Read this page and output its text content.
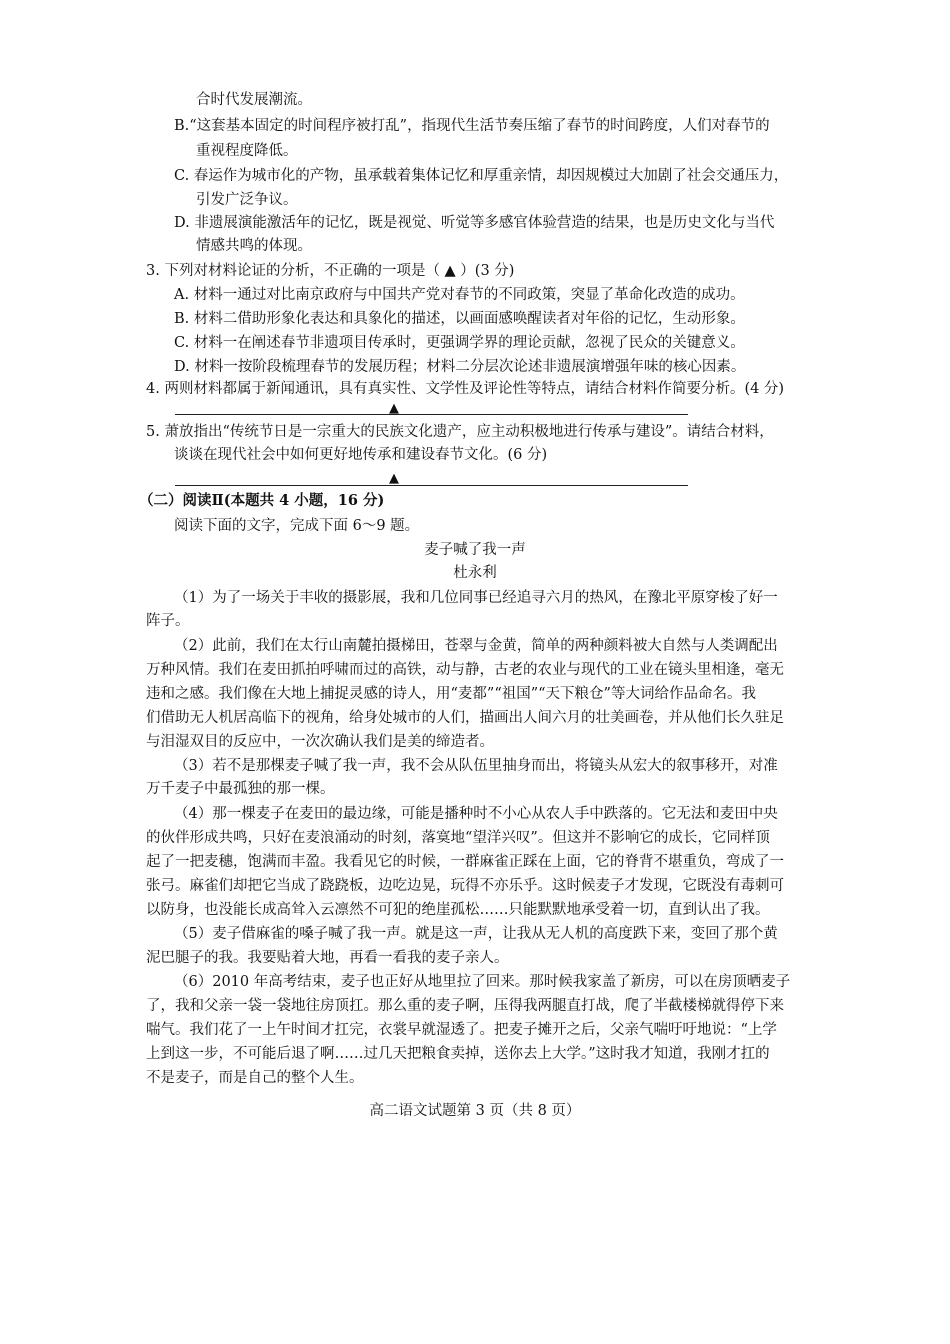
合时代发展潮流。
B.“这套基本固定的时间程序被打乱”，指现代生活节奏压缩了春节的时间跨度，人们对春节的
重视程度降低。
C. 春运作为城市化的产物，虽承载着集体记忆和厚重亲情，却因规模过大加剧了社会交通压力，
引发广泛争议。
D. 非遗展演能激活年的记忆，既是视觉、听觉等多感官体验营造的结果，也是历史文化与当代
情感共鸣的体现。
3. 下列对材料论证的分析，不正确的一项是（ ▲ ）(3 分)
A. 材料一通过对比南京政府与中国共产党对春节的不同政策，突显了革命化改造的成功。
B. 材料二借助形象化表达和具象化的描述，以画面感唤醒读者对年俗的记忆，生动形象。
C. 材料一在阐述春节非遗项目传承时，更强调学界的理论贡献，忽视了民众的关键意义。
D. 材料一按阶段梳理春节的发展历程；材料二分层次论述非遗展演增强年味的核心因素。
4. 两则材料都属于新闻通讯，具有真实性、文学性及评论性等特点，请结合材料作简要分析。(4 分)
▲
5. 萧放指出“传统节日是一宗重大的民族文化遗产，应主动积极地进行传承与建设”。请结合材料，
谈谈在现代社会中如何更好地传承和建设春节文化。(6 分)
▲
（二）阅读Ⅱ(本题共 4 小题，16 分)
阅读下面的文字，完成下面 6～9 题。
麦子喊了我一声
杜永利
（1）为了一场关于丰收的摄影展，我和几位同事已经追寻六月的热风，在豫北平原穿梭了好一
阵子。
（2）此前，我们在太行山南麓拍摄梯田，苍翠与金黄，简单的两种颜料被大自然与人类调配出
万种风情。我们在麦田抓拍呼啸而过的高铁，动与静，古老的农业与现代的工业在镜头里相逢，毫无
违和之感。我们像在大地上捕捉灵感的诗人，用“麦都”“祖国”“天下粮仓”等大词给作品命名。我
们借助无人机居高临下的视角，给身处城市的人们，描画出人间六月的壮美画卷，并从他们长久驻足
与泪湿双目的反应中，一次次确认我们是美的缔造者。
（3）若不是那棵麦子喊了我一声，我不会从队伍里抽身而出，将镜头从宏大的叙事移开，对准
万千麦子中最孤独的那一棵。
（4）那一棵麦子在麦田的最边缘，可能是播种时不小心从农人手中跌落的。它无法和麦田中央
的伙伴形成共鸣，只好在麦浪涌动的时刻，落寞地“望洋兴叹”。但这并不影响它的成长，它同样顶
起了一把麦穗，饱满而丰盈。我看见它的时候，一群麻雀正踩在上面，它的脊背不堪重负，弯成了一
张弓。麻雀们却把它当成了跷跷板，边吃边晃，玩得不亦乐乎。这时候麦子才发现，它既没有毒刺可
以防身，也没能长成高耸入云凛然不可犯的绝崖孤松……只能默默地承受着一切，直到认出了我。
（5）麦子借麻雀的嗓子喊了我一声。就是这一声，让我从无人机的高度跌下来，变回了那个黄
泥巴腿子的我。我要贴着大地，再看一看我的麦子亲人。
（6）2010 年高考结束，麦子也正好从地里拉了回来。那时候我家盖了新房，可以在房顶晒麦子
了，我和父亲一袋一袋地往房顶扛。那么重的麦子啊，压得我两腿直打战，爬了半截楼梯就得停下来
喘气。我们花了一上午时间才扛完，衣裳早就湿透了。把麦子摊开之后，父亲气喘吁吁地说：“上学
上到这一步，不可能后退了啊……过几天把粮食卖掉，送你去上大学。”这时我才知道，我刚才扛的
不是麦子，而是自己的整个人生。
高二语文试题第 3 页（共 8 页）
